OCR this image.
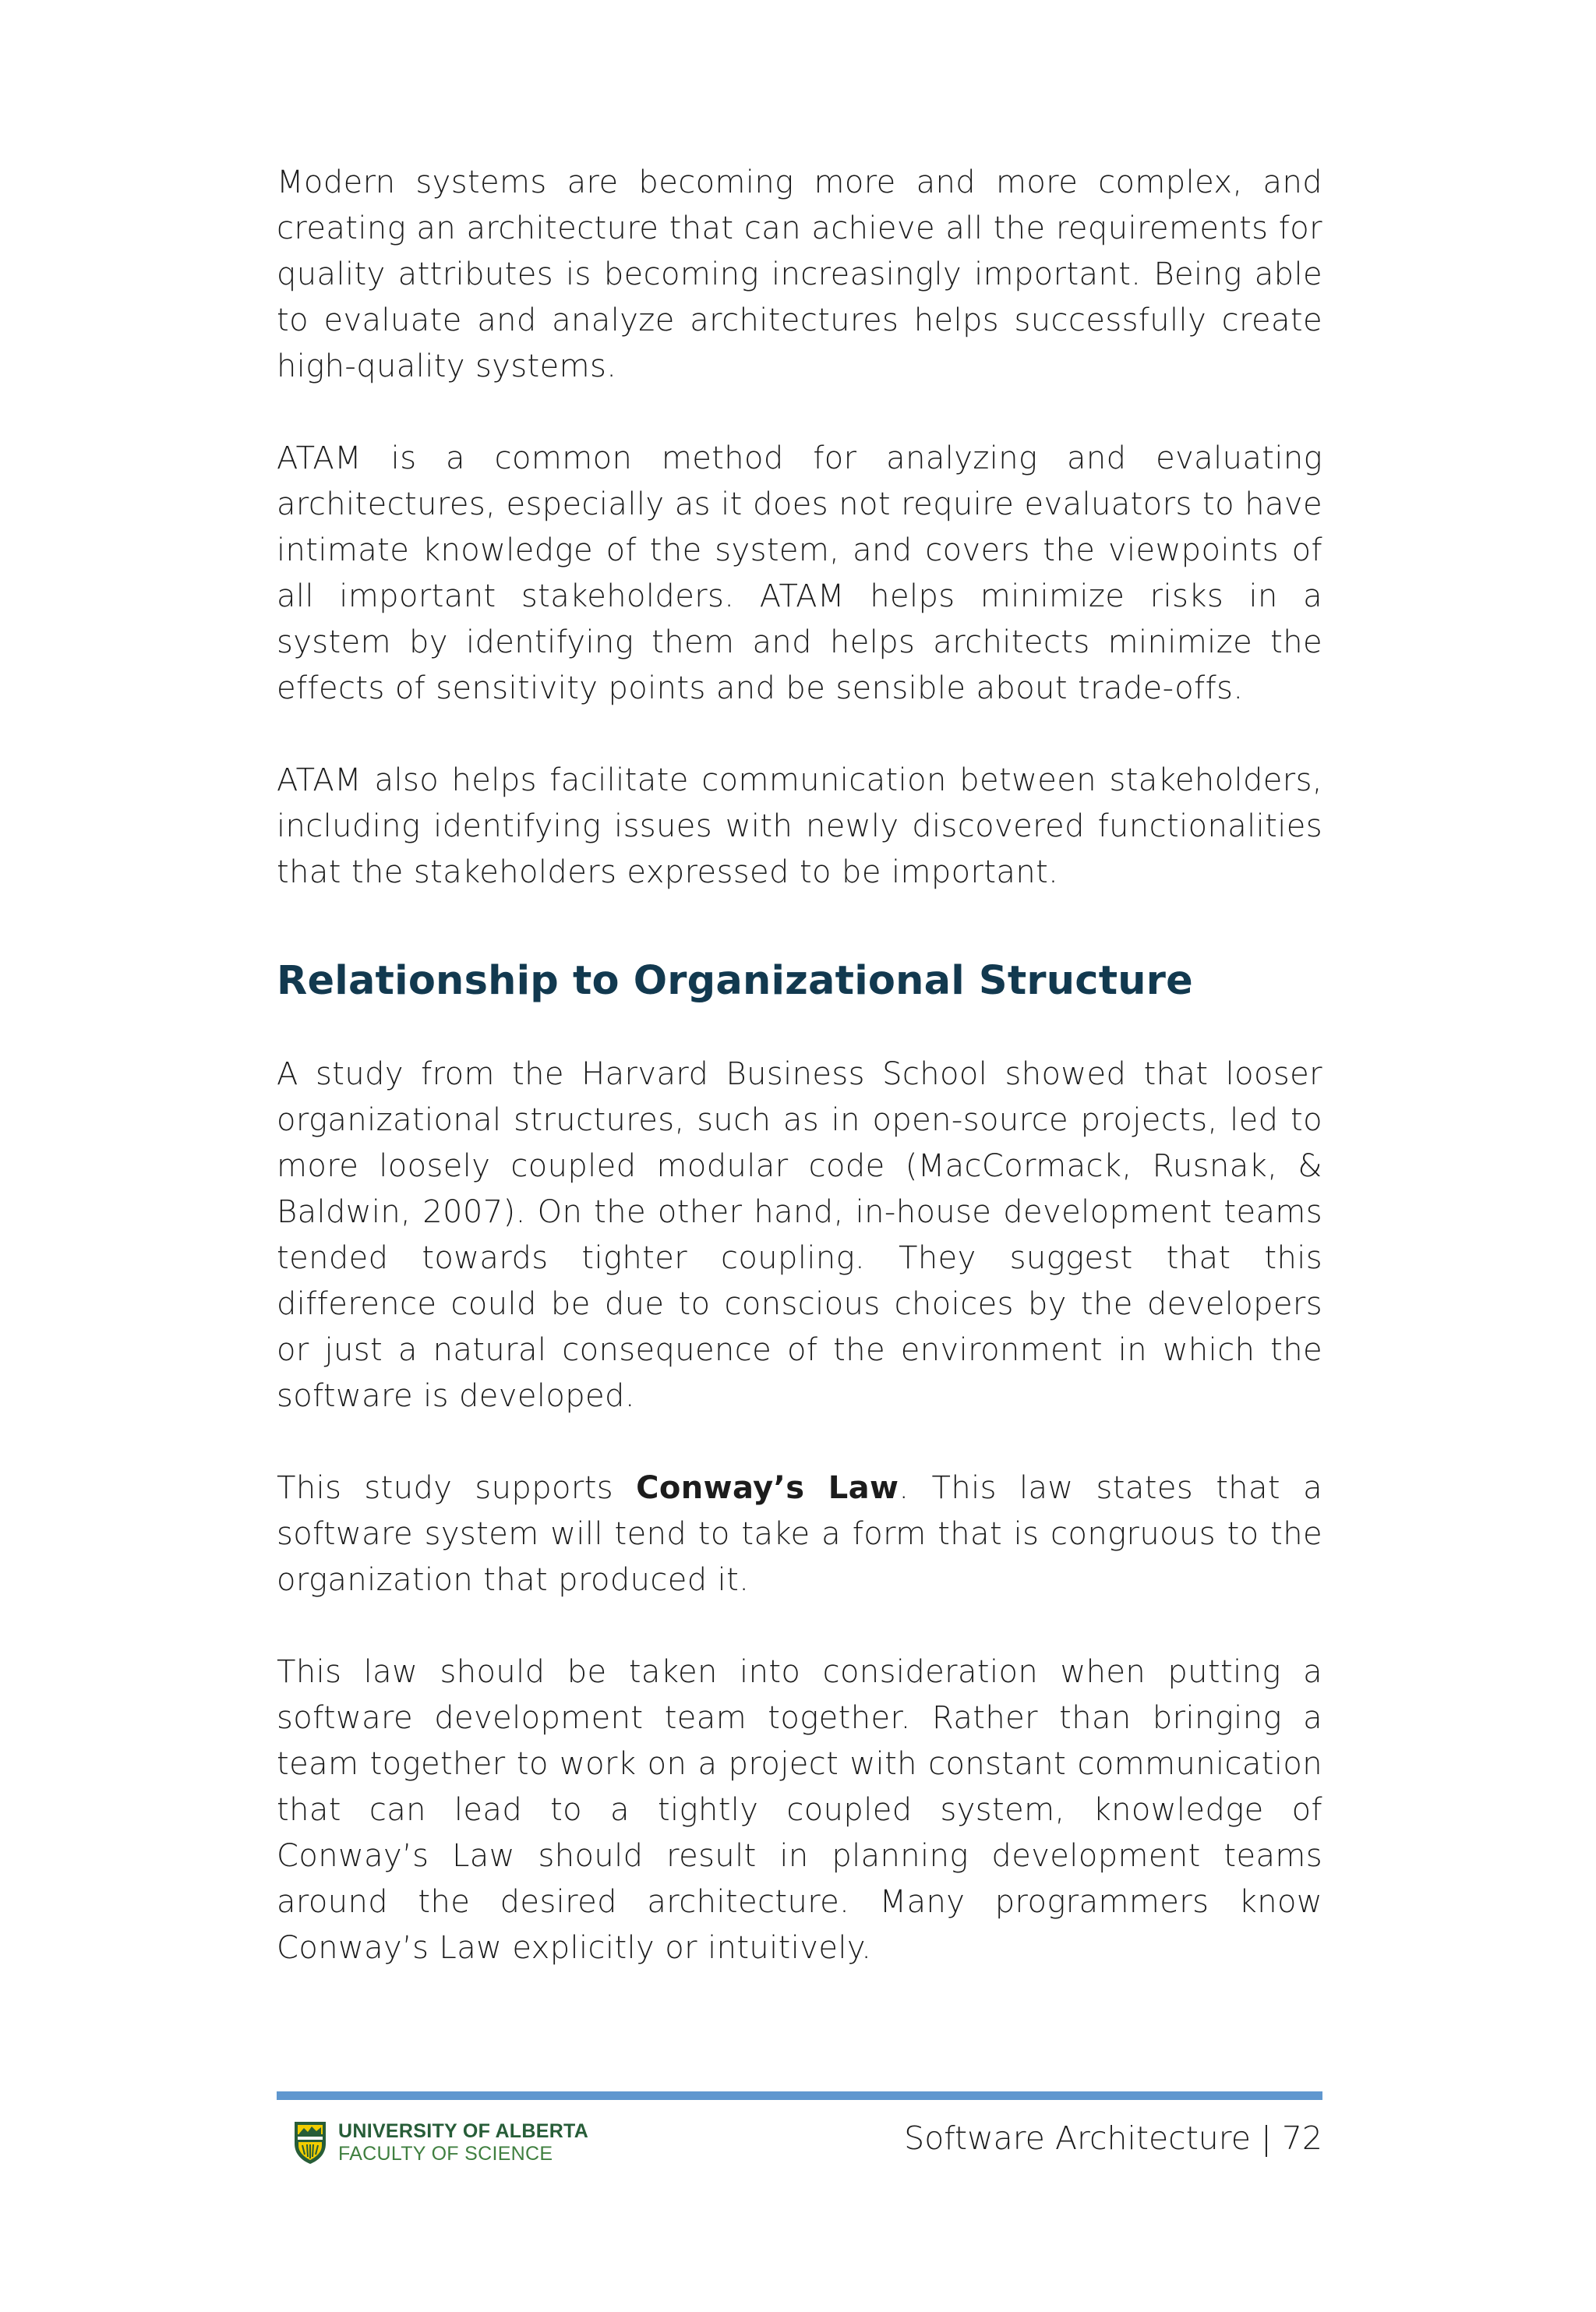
Modern systems are becoming more and more complex, and creating an architecture that can achieve all the requirements for quality attributes is becoming increasingly important. Being able to evaluate and analyze architectures helps successfully create high-quality systems.

ATAM is a common method for analyzing and evaluating architectures, especially as it does not require evaluators to have intimate knowledge of the system, and covers the viewpoints of all important stakeholders. ATAM helps minimize risks in a system by identifying them and helps architects minimize the effects of sensitivity points and be sensible about trade-offs.

ATAM also helps facilitate communication between stakeholders, including identifying issues with newly discovered functionalities that the stakeholders expressed to be important.

Relationship to Organizational Structure

A study from the Harvard Business School showed that looser organizational structures, such as in open-source projects, led to more loosely coupled modular code (MacCormack, Rusnak, & Baldwin, 2007). On the other hand, in-house development teams tended towards tighter coupling. They suggest that this difference could be due to conscious choices by the developers or just a natural consequence of the environment in which the software is developed.

This study supports Conway’s Law. This law states that a software system will tend to take a form that is congruous to the organization that produced it.

This law should be taken into consideration when putting a software development team together. Rather than bringing a team together to work on a project with constant communication that can lead to a tightly coupled system, knowledge of Conway’s Law should result in planning development teams around the desired architecture. Many programmers know Conway’s Law explicitly or intuitively.

UNIVERSITY OF ALBERTA
FACULTY OF SCIENCE	Software Architecture | 72
